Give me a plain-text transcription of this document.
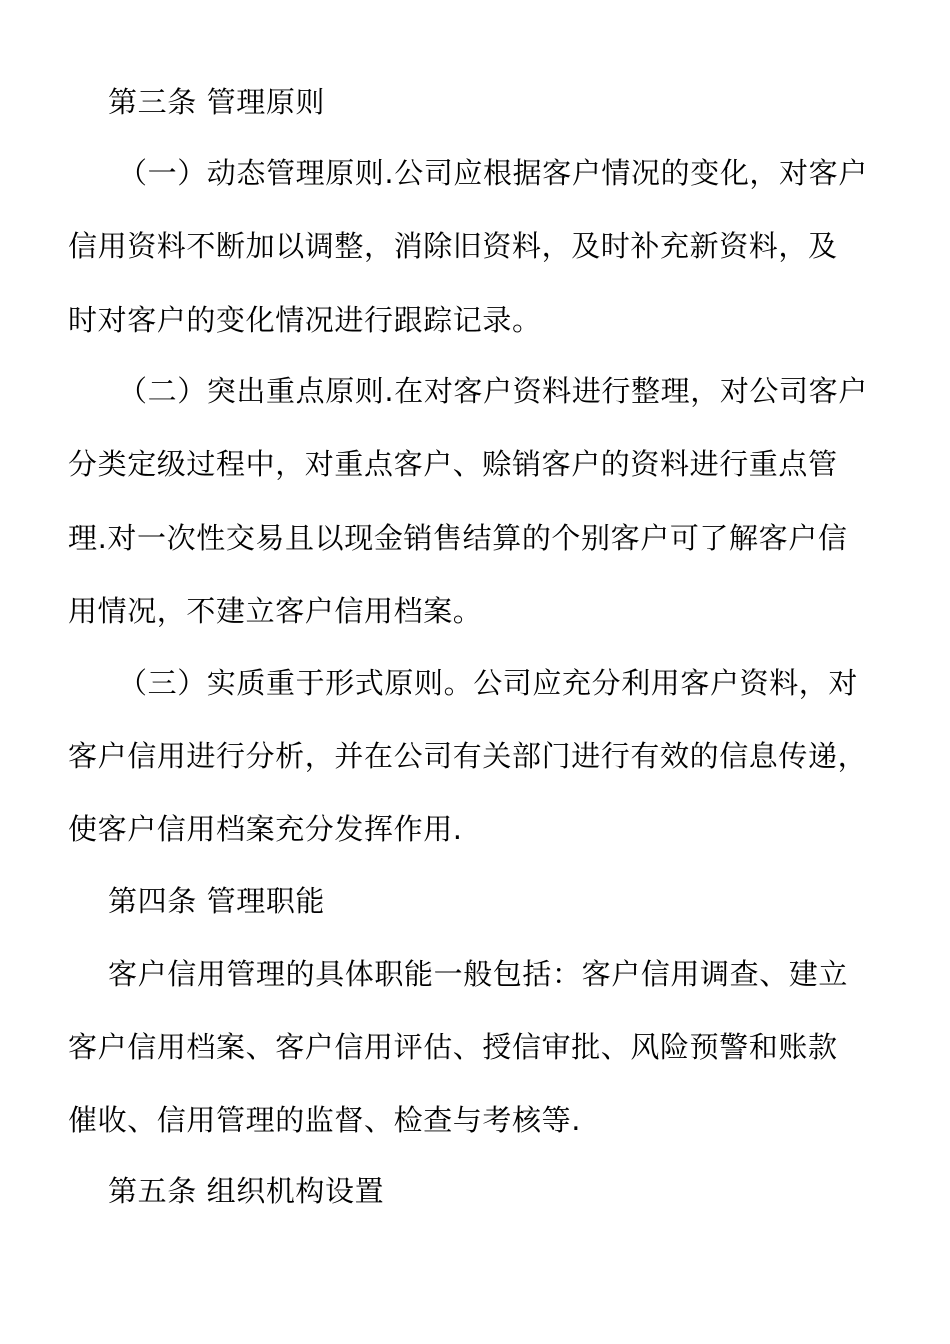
第三条 管理原则
（一）动态管理原则.公司应根据客户情况的变化，对客户
信用资料不断加以调整，消除旧资料，及时补充新资料，及
时对客户的变化情况进行跟踪记录。
（二）突出重点原则.在对客户资料进行整理，对公司客户
分类定级过程中，对重点客户、赊销客户的资料进行重点管
理.对一次性交易且以现金销售结算的个别客户可了解客户信
用情况，不建立客户信用档案。
（三）实质重于形式原则。公司应充分利用客户资料，对
客户信用进行分析，并在公司有关部门进行有效的信息传递，
使客户信用档案充分发挥作用.
第四条 管理职能
客户信用管理的具体职能一般包括：客户信用调查、建立
客户信用档案、客户信用评估、授信审批、风险预警和账款
催收、信用管理的监督、检查与考核等.
第五条 组织机构设置
